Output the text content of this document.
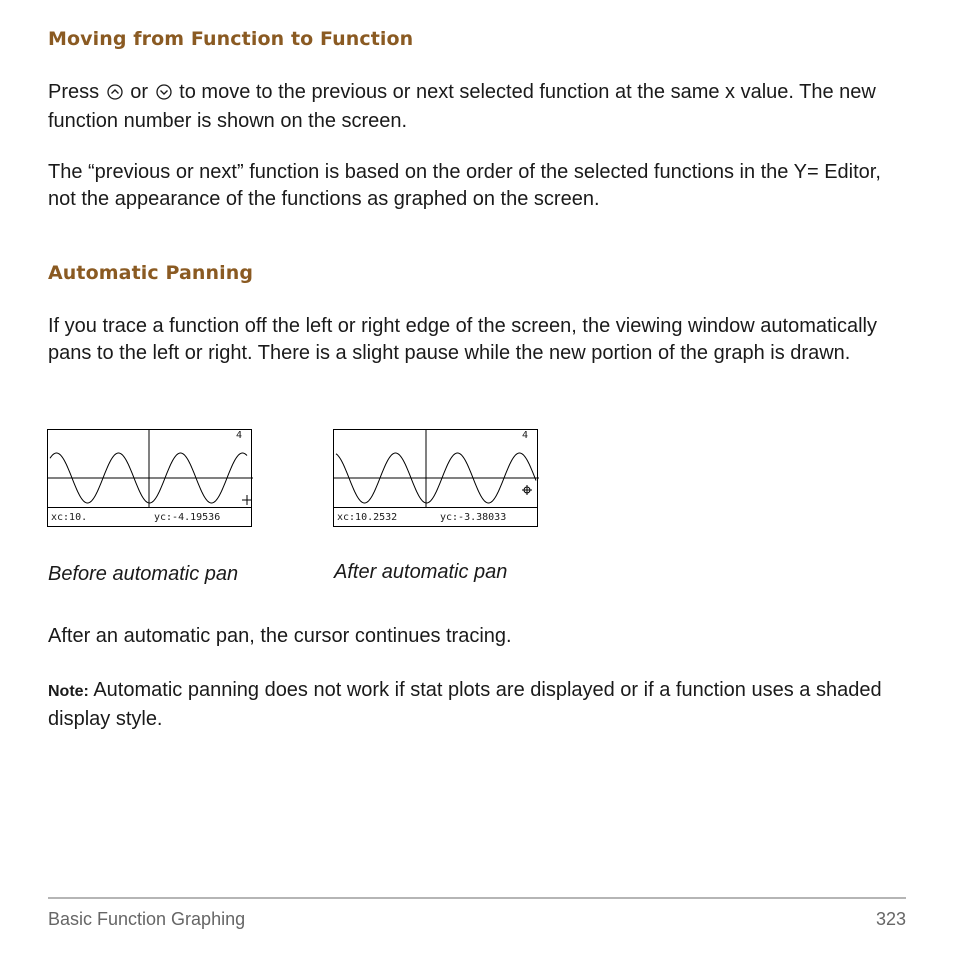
Moving from Function to Function

Press or to move to the previous or next selected function at the same x value. The new function number is shown on the screen.

The “previous or next” function is based on the order of the selected functions in the Y= Editor, not the appearance of the functions as graphed on the screen.

Automatic Panning

If you trace a function off the left or right edge of the screen, the viewing window automatically pans to the left or right. There is a slight pause while the new portion of the graph is drawn.

4
xc:10.	yc:-4.19536
4
xc:10.2532	yc:-3.38033

Before automatic pan	After automatic pan

After an automatic pan, the cursor continues tracing.

Note: Automatic panning does not work if stat plots are displayed or if a function uses a shaded display style.

Basic Function Graphing	323
